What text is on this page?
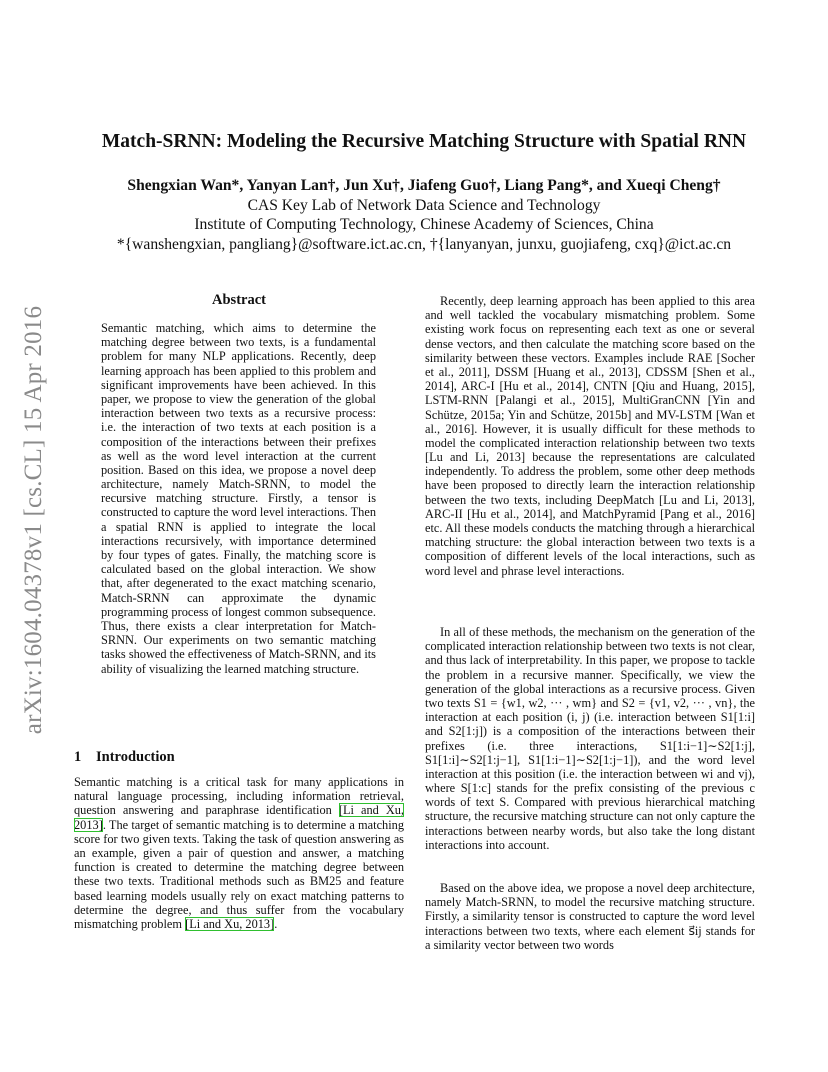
arXiv:1604.04378v1 [cs.CL] 15 Apr 2016
Match-SRNN: Modeling the Recursive Matching Structure with Spatial RNN
Shengxian Wan*, Yanyan Lan†, Jun Xu†, Jiafeng Guo†, Liang Pang*, and Xueqi Cheng†
CAS Key Lab of Network Data Science and Technology
Institute of Computing Technology, Chinese Academy of Sciences, China
*{wanshengxian, pangliang}@software.ict.ac.cn, †{lanyanyan, junxu, guojiafeng, cxq}@ict.ac.cn
Abstract
Semantic matching, which aims to determine the matching degree between two texts, is a fundamental problem for many NLP applications. Recently, deep learning approach has been applied to this problem and significant improvements have been achieved. In this paper, we propose to view the generation of the global interaction between two texts as a recursive process: i.e. the interaction of two texts at each position is a composition of the interactions between their prefixes as well as the word level interaction at the current position. Based on this idea, we propose a novel deep architecture, namely Match-SRNN, to model the recursive matching structure. Firstly, a tensor is constructed to capture the word level interactions. Then a spatial RNN is applied to integrate the local interactions recursively, with importance determined by four types of gates. Finally, the matching score is calculated based on the global interaction. We show that, after degenerated to the exact matching scenario, Match-SRNN can approximate the dynamic programming process of longest common subsequence. Thus, there exists a clear interpretation for Match-SRNN. Our experiments on two semantic matching tasks showed the effectiveness of Match-SRNN, and its ability of visualizing the learned matching structure.
1 Introduction
Semantic matching is a critical task for many applications in natural language processing, including information retrieval, question answering and paraphrase identification [Li and Xu, 2013]. The target of semantic matching is to determine a matching score for two given texts. Taking the task of question answering as an example, given a pair of question and answer, a matching function is created to determine the matching degree between these two texts. Traditional methods such as BM25 and feature based learning models usually rely on exact matching patterns to determine the degree, and thus suffer from the vocabulary mismatching problem [Li and Xu, 2013].
Recently, deep learning approach has been applied to this area and well tackled the vocabulary mismatching problem. Some existing work focus on representing each text as one or several dense vectors, and then calculate the matching score based on the similarity between these vectors. Examples include RAE [Socher et al., 2011], DSSM [Huang et al., 2013], CDSSM [Shen et al., 2014], ARC-I [Hu et al., 2014], CNTN [Qiu and Huang, 2015], LSTM-RNN [Palangi et al., 2015], MultiGranCNN [Yin and Schütze, 2015a; Yin and Schütze, 2015b] and MV-LSTM [Wan et al., 2016]. However, it is usually difficult for these methods to model the complicated interaction relationship between two texts [Lu and Li, 2013] because the representations are calculated independently. To address the problem, some other deep methods have been proposed to directly learn the interaction relationship between the two texts, including DeepMatch [Lu and Li, 2013], ARC-II [Hu et al., 2014], and MatchPyramid [Pang et al., 2016] etc. All these models conducts the matching through a hierarchical matching structure: the global interaction between two texts is a composition of different levels of the local interactions, such as word level and phrase level interactions.
In all of these methods, the mechanism on the generation of the complicated interaction relationship between two texts is not clear, and thus lack of interpretability. In this paper, we propose to tackle the problem in a recursive manner. Specifically, we view the generation of the global interactions as a recursive process. Given two texts S1 = {w1, w2, ··· , wm} and S2 = {v1, v2, ··· , vn}, the interaction at each position (i, j) (i.e. interaction between S1[1:i] and S2[1:j]) is a composition of the interactions between their prefixes (i.e. three interactions, S1[1:i−1]∼S2[1:j], S1[1:i]∼S2[1:j−1], S1[1:i−1]∼S2[1:j−1]), and the word level interaction at this position (i.e. the interaction between wi and vj), where S[1:c] stands for the prefix consisting of the previous c words of text S. Compared with previous hierarchical matching structure, the recursive matching structure can not only capture the interactions between nearby words, but also take the long distant interactions into account.
Based on the above idea, we propose a novel deep architecture, namely Match-SRNN, to model the recursive matching structure. Firstly, a similarity tensor is constructed to capture the word level interactions between two texts, where each element s⃗ij stands for a similarity vector between two words
